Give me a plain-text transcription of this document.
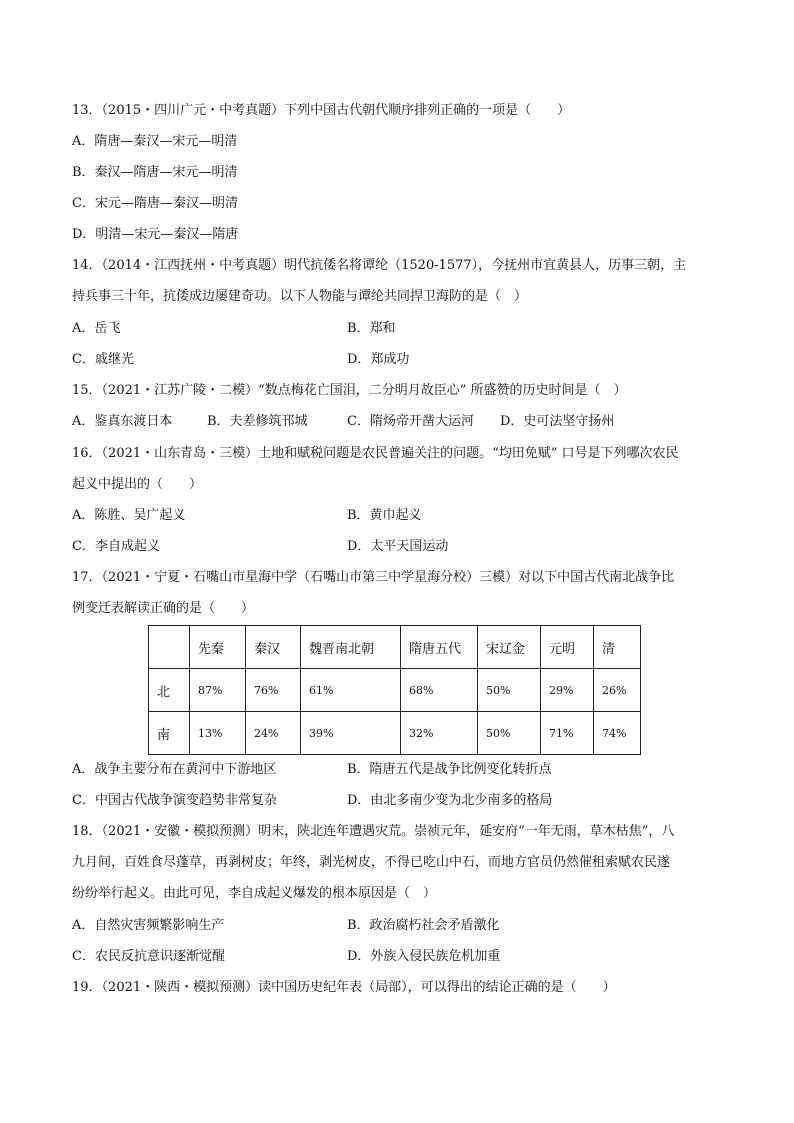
13．（2015・四川广元・中考真题）下列中国古代朝代顺序排列正确的一项是（　　）
A．隋唐—秦汉—宋元—明清
B．秦汉—隋唐—宋元—明清
C．宋元—隋唐—秦汉—明清
D．明清—宋元—秦汉—隋唐
14．（2014・江西抚州・中考真题）明代抗倭名将谭纶（1520-1577），今抚州市宜黄县人，历事三朝，主
持兵事三十年，抗倭成边屡建奇功。以下人物能与谭纶共同捍卫海防的是（　）
A．岳飞	B．郑和
C．戚继光	D．郑成功
15．（2021・江苏广陵・二模）“数点梅花亡国泪，二分明月故臣心” 所盛赞的历史时间是（　）
A．鉴真东渡日本	B．夫差修筑邗城	C．隋炀帝开凿大运河 D．史可法坚守扬州
16．（2021・山东青岛・三模）土地和赋税问题是农民普遍关注的问题。“均田免赋” 口号是下列哪次农民
起义中提出的（　　）
A．陈胜、吴广起义	B．黄巾起义
C．李自成起义	D．太平天国运动
17．（2021・宁夏・石嘴山市星海中学（石嘴山市第三中学星海分校）三模）对以下中国古代南北战争比
例变迁表解读正确的是（　　）
	先秦	秦汉	魏晋南北朝	隋唐五代	宋辽金	元明	清
北	87%	76%	61%	68%	50%	29%	26%
南	13%	24%	39%	32%	50%	71%	74%
A．战争主要分布在黄河中下游地区	B．隋唐五代是战争比例变化转折点
C．中国古代战争演变趋势非常复杂	D．由北多南少变为北少南多的格局
18．（2021・安徽・模拟预测）明末，陕北连年遭遇灾荒。崇祯元年，延安府“一年无雨，草木枯焦”，八
九月间，百姓食尽蓬草，再剥树皮；年终，剥光树皮，不得已吃山中石，而地方官员仍然催租索赋农民遂
纷纷举行起义。由此可见，李自成起义爆发的根本原因是（　）
A．自然灾害频繁影响生产	B．政治腐朽社会矛盾激化
C．农民反抗意识逐渐觉醒	D．外族入侵民族危机加重
19．（2021・陕西・模拟预测）读中国历史纪年表（局部），可以得出的结论正确的是（　　）
